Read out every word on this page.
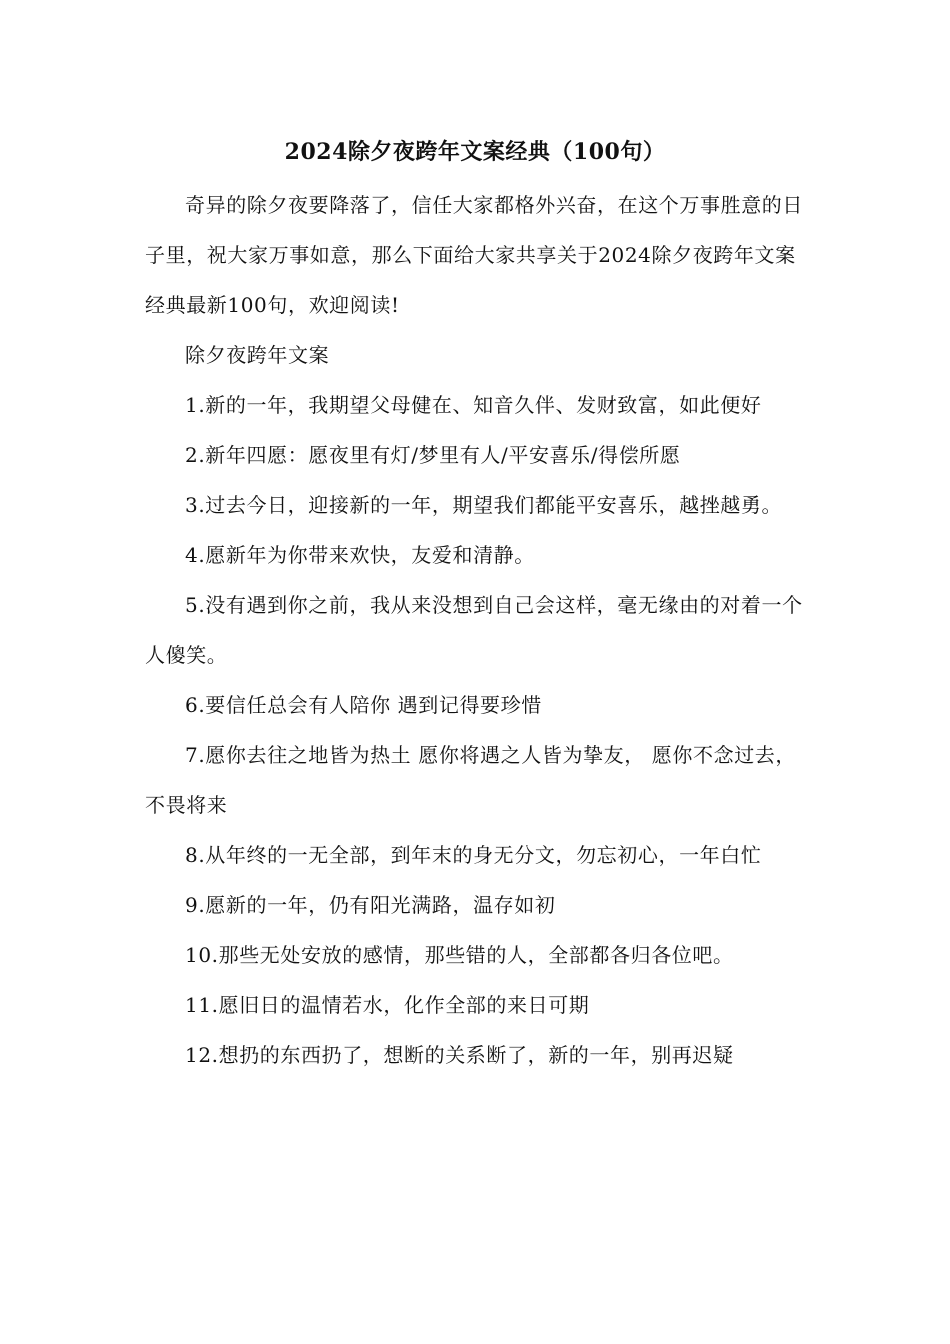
2024除夕夜跨年文案经典（100句）

奇异的除夕夜要降落了，信任大家都格外兴奋，在这个万事胜意的日子里，祝大家万事如意，那么下面给大家共享关于2024除夕夜跨年文案经典最新100句，欢迎阅读!

除夕夜跨年文案

1.新的一年，我期望父母健在、知音久伴、发财致富，如此便好

2.新年四愿：愿夜里有灯/梦里有人/平安喜乐/得偿所愿

3.过去今日，迎接新的一年，期望我们都能平安喜乐，越挫越勇。

4.愿新年为你带来欢快，友爱和清静。

5.没有遇到你之前，我从来没想到自己会这样，毫无缘由的对着一个人傻笑。

6.要信任总会有人陪你 遇到记得要珍惜

7.愿你去往之地皆为热土 愿你将遇之人皆为挚友， 愿你不念过去，不畏将来

8.从年终的一无全部，到年末的身无分文，勿忘初心，一年白忙

9.愿新的一年，仍有阳光满路，温存如初

10.那些无处安放的感情，那些错的人，全部都各归各位吧。

11.愿旧日的温情若水，化作全部的来日可期

12.想扔的东西扔了，想断的关系断了，新的一年，别再迟疑
